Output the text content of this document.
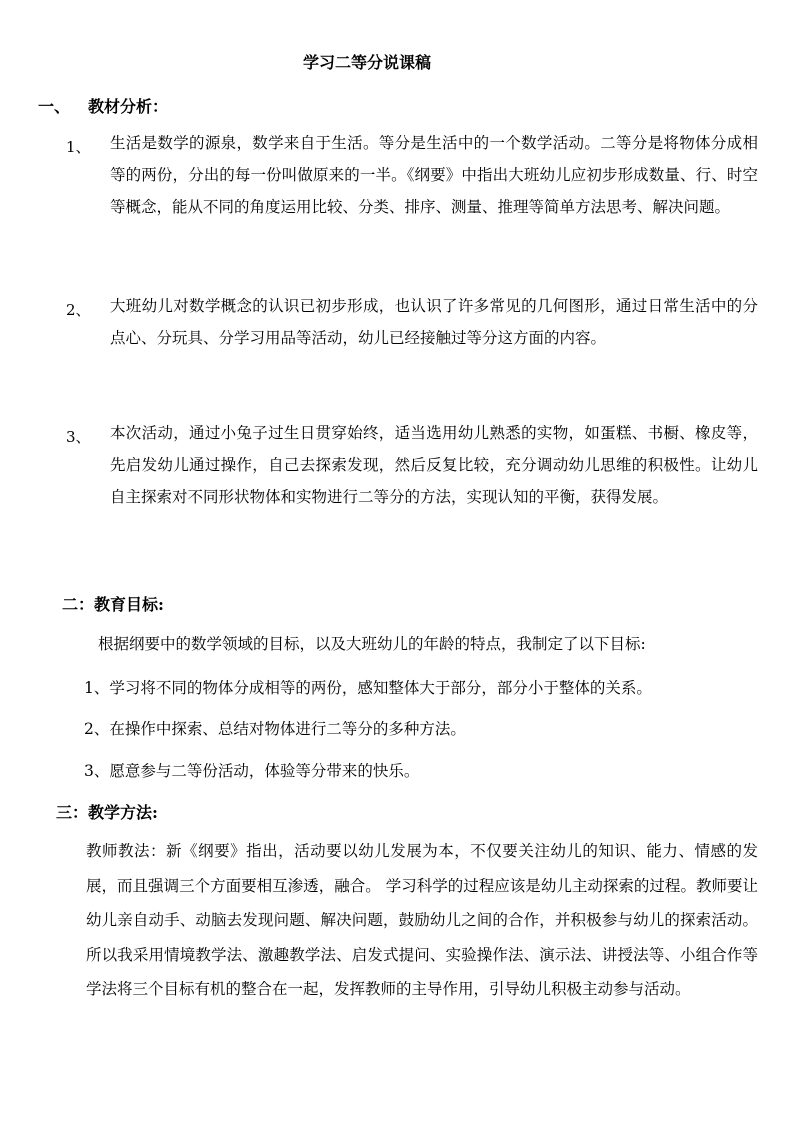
学习二等分说课稿
一、 教材分析：
1、 生活是数学的源泉，数学来自于生活。等分是生活中的一个数学活动。二等分是将物体分成相等的两份，分出的每一份叫做原来的一半。《纲要》中指出大班幼儿应初步形成数量、行、时空等概念，能从不同的角度运用比较、分类、排序、测量、推理等简单方法思考、解决问题。
2、 大班幼儿对数学概念的认识已初步形成，也认识了许多常见的几何图形，通过日常生活中的分点心、分玩具、分学习用品等活动，幼儿已经接触过等分这方面的内容。
3、 本次活动，通过小兔子过生日贯穿始终，适当选用幼儿熟悉的实物，如蛋糕、书橱、橡皮等，先启发幼儿通过操作，自己去探索发现，然后反复比较，充分调动幼儿思维的积极性。让幼儿自主探索对不同形状物体和实物进行二等分的方法，实现认知的平衡，获得发展。
二：教育目标:
根据纲要中的数学领域的目标，以及大班幼儿的年龄的特点，我制定了以下目标:
1、学习将不同的物体分成相等的两份，感知整体大于部分，部分小于整体的关系。
2、在操作中探索、总结对物体进行二等分的多种方法。
3、愿意参与二等份活动，体验等分带来的快乐。
三：教学方法:
教师教法：新《纲要》指出，活动要以幼儿发展为本，不仅要关注幼儿的知识、能力、情感的发展，而且强调三个方面要相互渗透，融合。 学习科学的过程应该是幼儿主动探索的过程。教师要让幼儿亲自动手、动脑去发现问题、解决问题，鼓励幼儿之间的合作，并积极参与幼儿的探索活动。所以我采用情境教学法、激趣教学法、启发式提问、实验操作法、演示法、讲授法等、小组合作等学法将三个目标有机的整合在一起，发挥教师的主导作用，引导幼儿积极主动参与活动。
